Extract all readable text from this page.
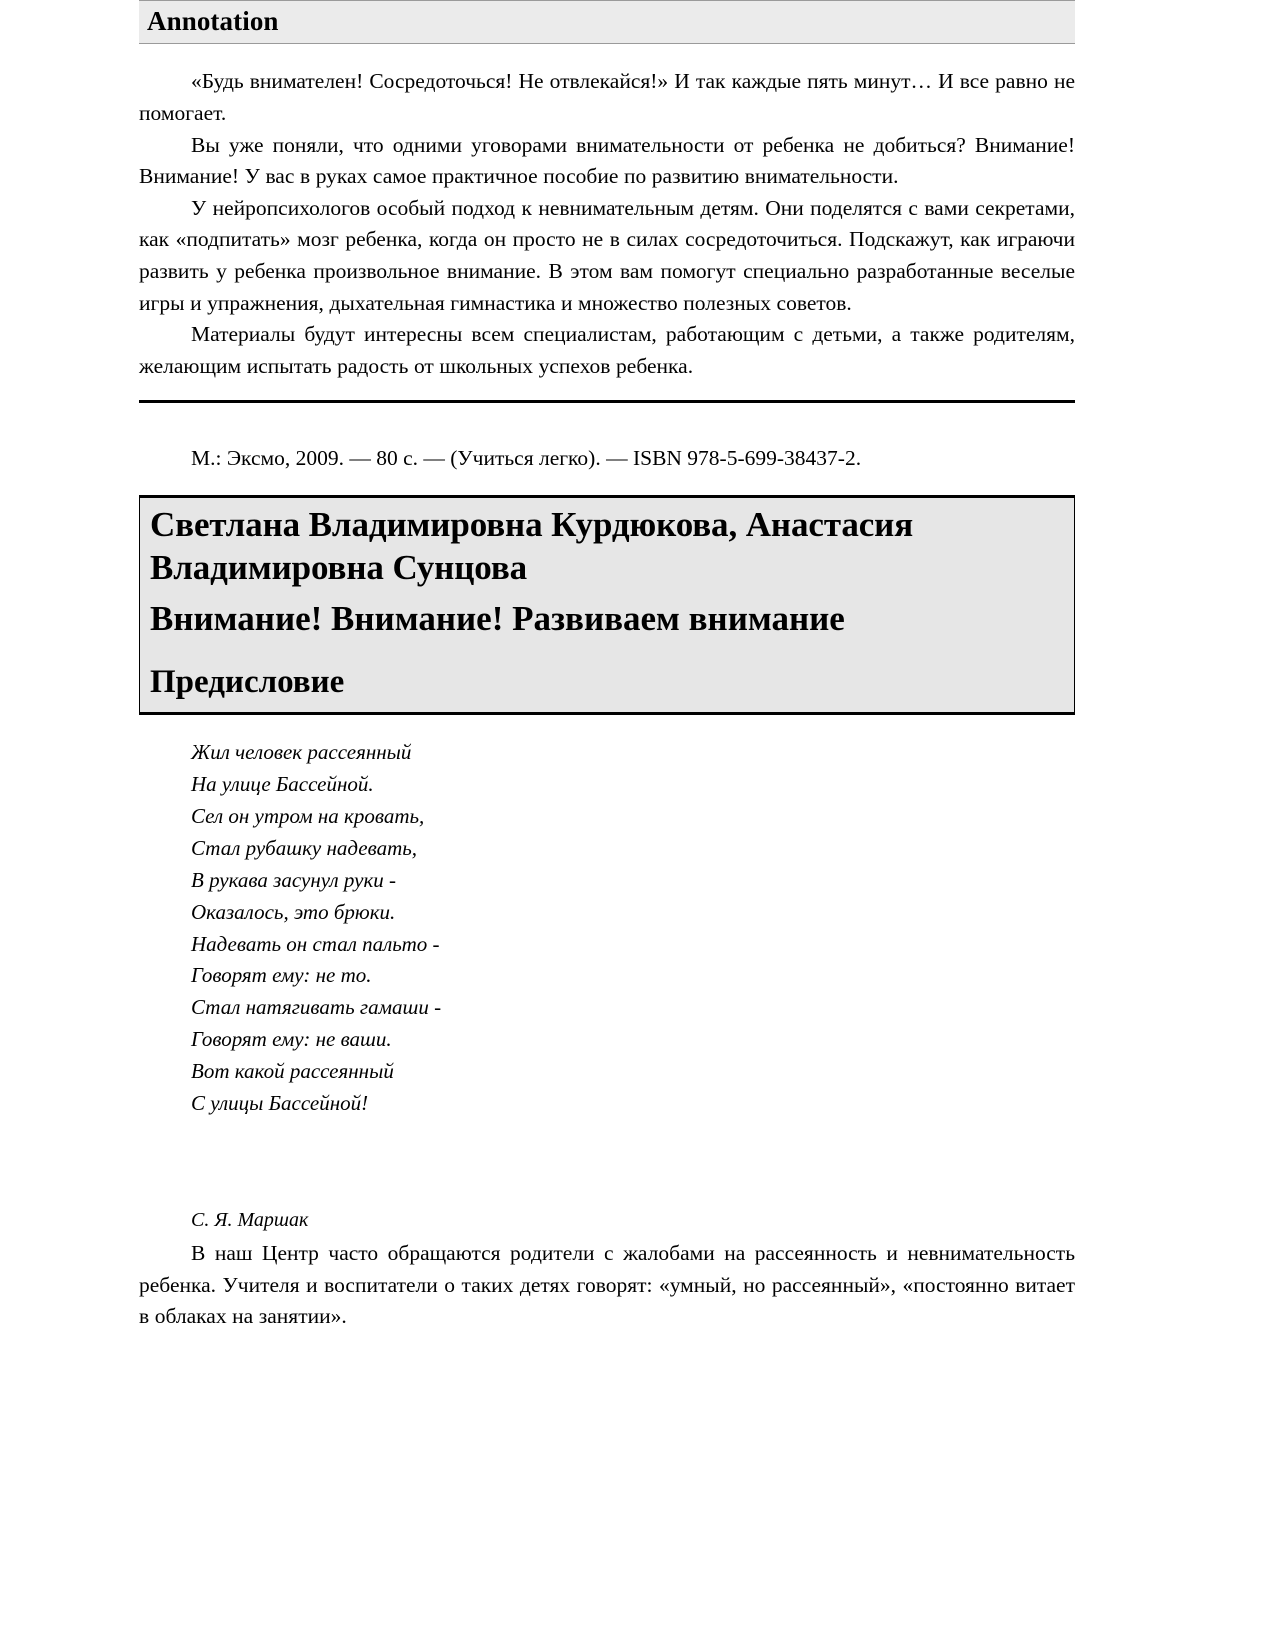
Annotation

«Будь внимателен! Сосредоточься! Не отвлекайся!» И так каждые пять минут… И все равно не помогает.

Вы уже поняли, что одними уговорами внимательности от ребенка не добиться? Внимание! Внимание! У вас в руках самое практичное пособие по развитию внимательности.

У нейропсихологов особый подход к невнимательным детям. Они поделятся с вами секретами, как «подпитать» мозг ребенка, когда он просто не в силах сосредоточиться. Подскажут, как играючи развить у ребенка произвольное внимание. В этом вам помогут специально разработанные веселые игры и упражнения, дыхательная гимнастика и множество полезных советов.

Материалы будут интересны всем специалистам, работающим с детьми, а также родителям, желающим испытать радость от школьных успехов ребенка.

М.: Эксмо, 2009. — 80 с. — (Учиться легко). — ISBN 978-5-699-38437-2.
Светлана Владимировна Курдюкова, Анастасия
Владимировна Сунцова
Внимание! Внимание! Развиваем внимание
Предисловие
Жил человек рассеянный
На улице Бассейной.
Сел он утром на кровать,
Стал рубашку надевать,
В рукава засунул руки -
Оказалось, это брюки.
Надевать он стал пальто -
Говорят ему: не то.
Стал натягивать гамаши -
Говорят ему: не ваши.
Вот какой рассеянный
С улицы Бассейной!
С. Я. Маршак

В наш Центр часто обращаются родители с жалобами на рассеянность и невнимательность ребенка. Учителя и воспитатели о таких детях говорят: «умный, но рассеянный», «постоянно витает в облаках на занятии».
